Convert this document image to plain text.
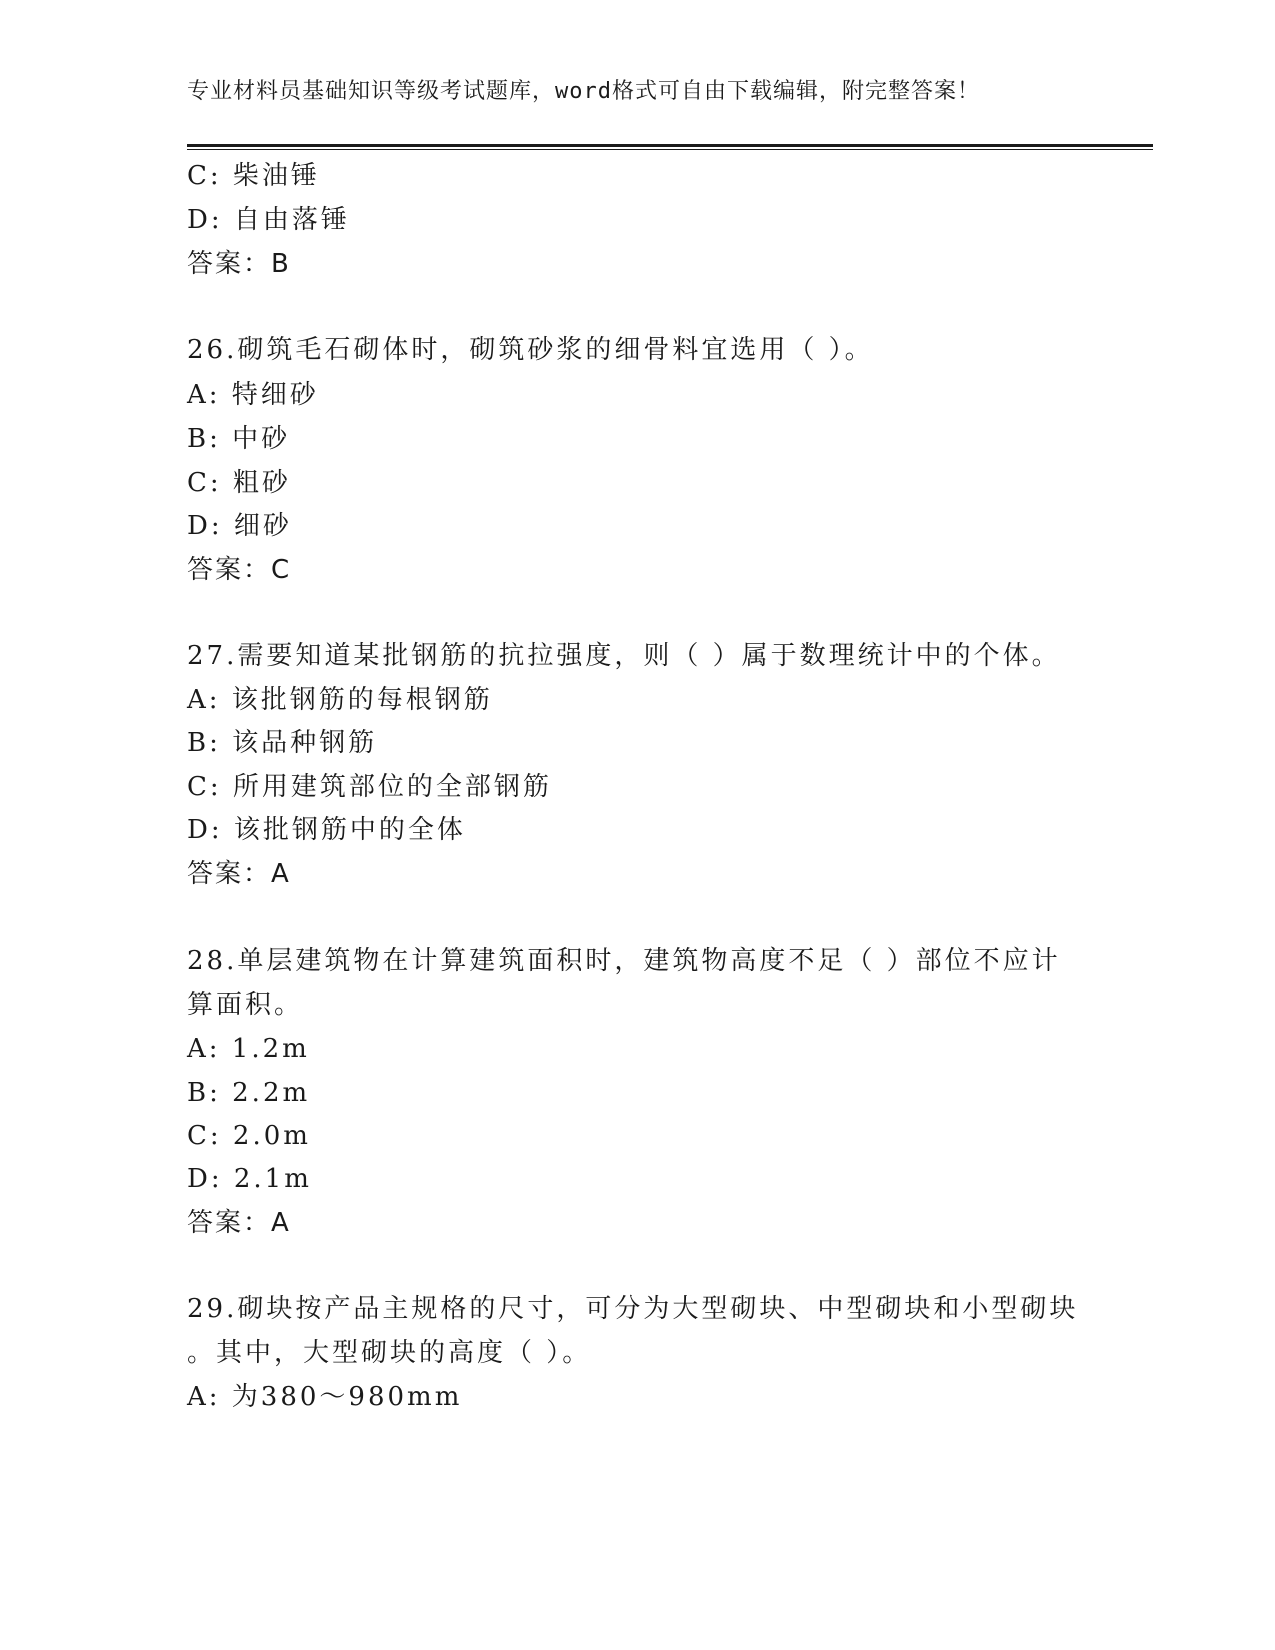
专业材料员基础知识等级考试题库，word格式可自由下载编辑，附完整答案！
C: 柴油锤
D: 自由落锤
答案：B
26.砌筑毛石砌体时，砌筑砂浆的细骨料宜选用（ ）。
A: 特细砂
B: 中砂
C: 粗砂
D: 细砂
答案：C
27.需要知道某批钢筋的抗拉强度，则（ ）属于数理统计中的个体。
A: 该批钢筋的每根钢筋
B: 该品种钢筋
C: 所用建筑部位的全部钢筋
D: 该批钢筋中的全体
答案：A
28.单层建筑物在计算建筑面积时，建筑物高度不足（ ）部位不应计
算面积。
A: 1.2m
B: 2.2m
C: 2.0m
D: 2.1m
答案：A
29.砌块按产品主规格的尺寸，可分为大型砌块、中型砌块和小型砌块
。其中，大型砌块的高度（ ）。
A: 为380～980mm
